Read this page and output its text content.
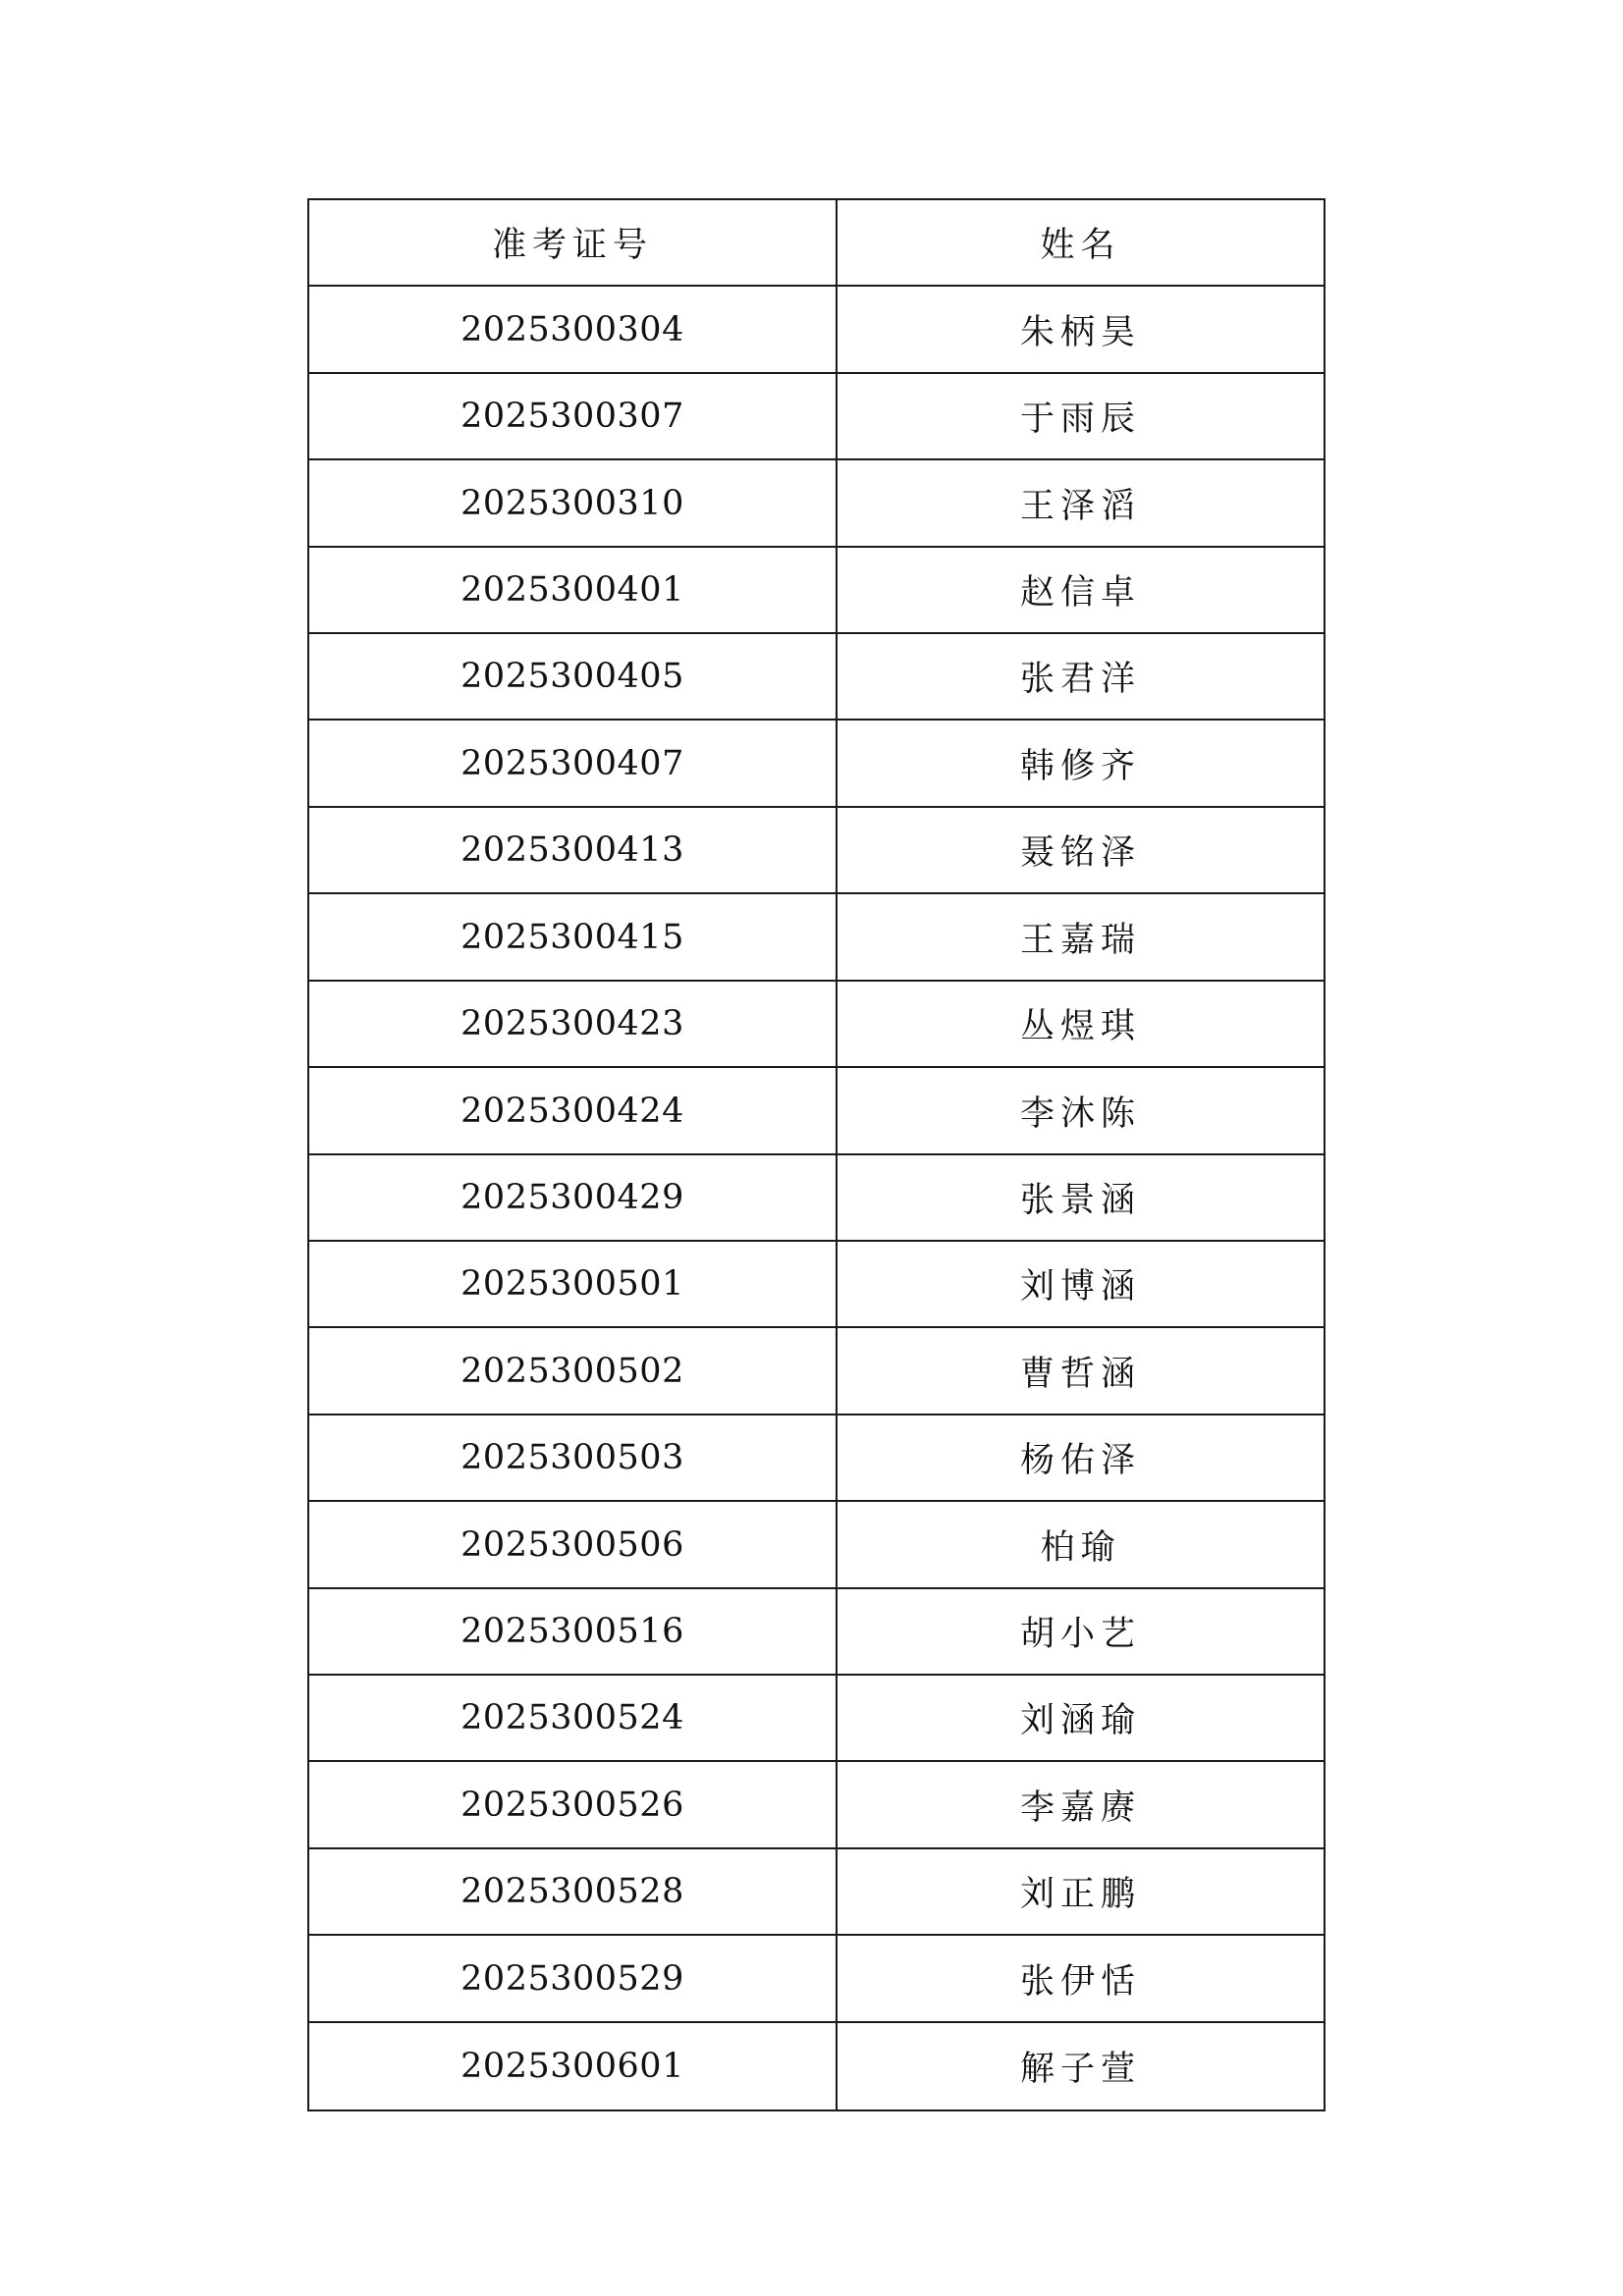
准考证号	姓名
2025300304	朱柄昊
2025300307	于雨辰
2025300310	王泽滔
2025300401	赵信卓
2025300405	张君洋
2025300407	韩修齐
2025300413	聂铭泽
2025300415	王嘉瑞
2025300423	丛煜琪
2025300424	李沐陈
2025300429	张景涵
2025300501	刘博涵
2025300502	曹哲涵
2025300503	杨佑泽
2025300506	柏瑜
2025300516	胡小艺
2025300524	刘涵瑜
2025300526	李嘉赓
2025300528	刘正鹏
2025300529	张伊恬
2025300601	解子萱
